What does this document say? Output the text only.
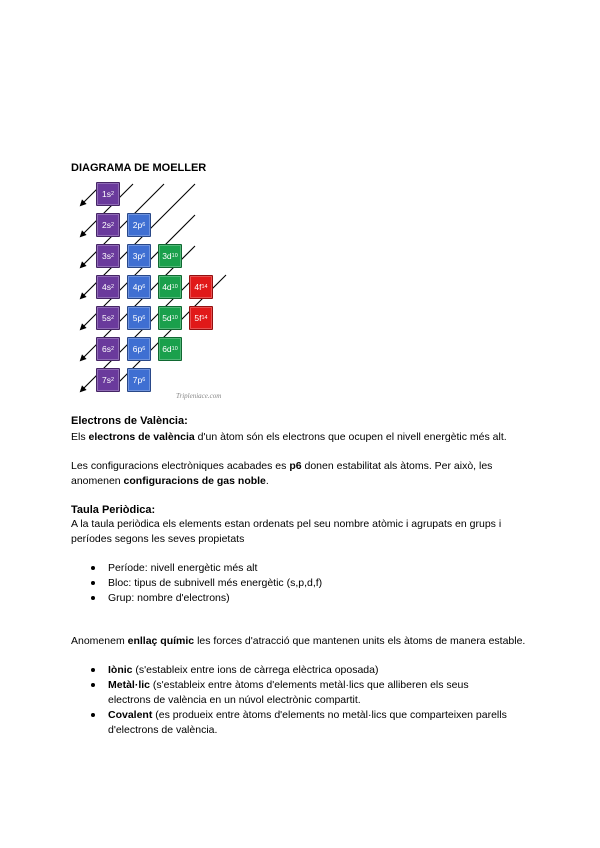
DIAGRAMA DE MOELLER
1s 2
2s 2 2p 6
3s 2 3p 6 3d 10
4s 2 4p 6 4d 10 4f 14
5s 2 5p 6 5d 10 5f 14
6s 2 6p 6 6d 10
7s 2 7p 6
Tripleniace.com
Electrons de València:
Els electrons de valència d'un àtom són els electrons que ocupen el nivell energètic més alt.
Les configuracions electròniques acabades es p6 donen estabilitat als àtoms. Per això, les anomenen configuracions de gas noble.
Taula Periòdica:
A la taula periòdica els elements estan ordenats pel seu nombre atòmic i agrupats en grups i períodes segons les seves propietats
Període: nivell energètic més alt
Bloc: tipus de subnivell més energètic (s,p,d,f)
Grup: nombre d'electrons)
Anomenem enllaç químic les forces d'atracció que mantenen units els àtoms de manera estable.
Iònic (s'estableix entre ions de càrrega elèctrica oposada)
Metàl·lic (s'estableix entre àtoms d'elements metàl·lics que alliberen els seus electrons de valència en un núvol electrònic compartit.
Covalent (es produeix entre àtoms d'elements no metàl·lics que comparteixen parells d'electrons de valència.
